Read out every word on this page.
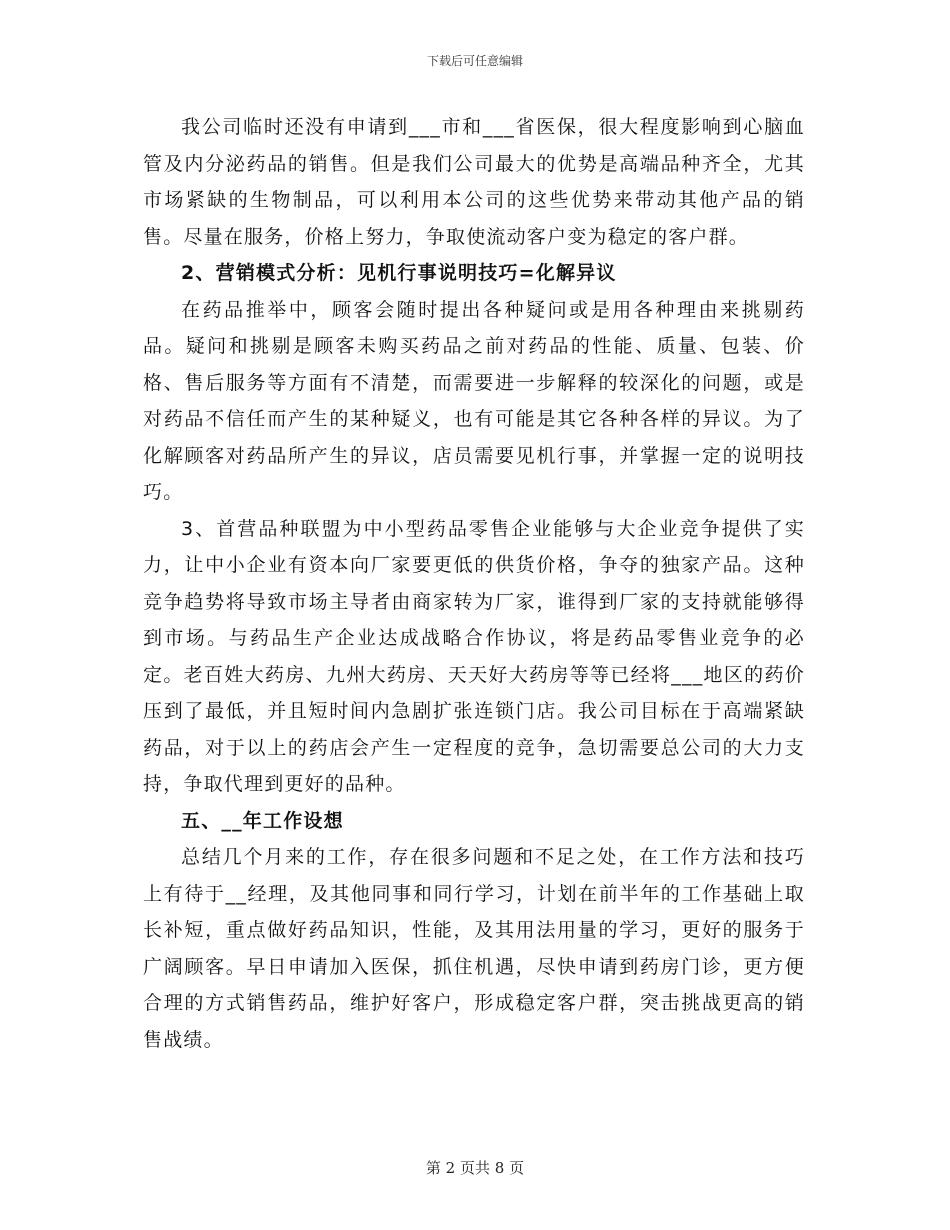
下载后可任意编辑

我公司临时还没有申请到___市和___省医保，很大程度影响到心脑血管及内分泌药品的销售。但是我们公司最大的优势是高端品种齐全，尤其市场紧缺的生物制品，可以利用本公司的这些优势来带动其他产品的销售。尽量在服务，价格上努力，争取使流动客户变为稳定的客户群。

2、营销模式分析：见机行事说明技巧=化解异议

在药品推举中，顾客会随时提出各种疑问或是用各种理由来挑剔药品。疑问和挑剔是顾客未购买药品之前对药品的性能、质量、包装、价格、售后服务等方面有不清楚，而需要进一步解释的较深化的问题，或是对药品不信任而产生的某种疑义，也有可能是其它各种各样的异议。为了化解顾客对药品所产生的异议，店员需要见机行事，并掌握一定的说明技巧。

3、首营品种联盟为中小型药品零售企业能够与大企业竞争提供了实力，让中小企业有资本向厂家要更低的供货价格，争夺的独家产品。这种竞争趋势将导致市场主导者由商家转为厂家，谁得到厂家的支持就能够得到市场。与药品生产企业达成战略合作协议，将是药品零售业竞争的必定。老百姓大药房、九州大药房、天天好大药房等等已经将___地区的药价压到了最低，并且短时间内急剧扩张连锁门店。我公司目标在于高端紧缺药品，对于以上的药店会产生一定程度的竞争，急切需要总公司的大力支持，争取代理到更好的品种。

五、__年工作设想

总结几个月来的工作，存在很多问题和不足之处，在工作方法和技巧上有待于__经理，及其他同事和同行学习，计划在前半年的工作基础上取长补短，重点做好药品知识，性能，及其用法用量的学习，更好的服务于广阔顾客。早日申请加入医保，抓住机遇，尽快申请到药房门诊，更方便合理的方式销售药品，维护好客户，形成稳定客户群，突击挑战更高的销售战绩。

第 2 页共 8 页
